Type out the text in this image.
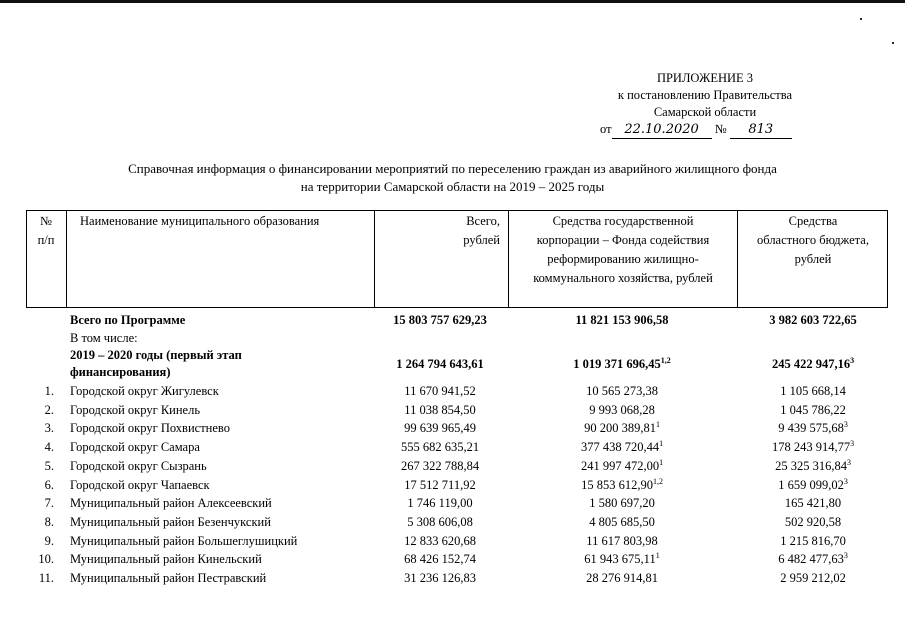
ПРИЛОЖЕНИЕ 3
к постановлению Правительства
Самарской области
от 22.10.2020 № 813
Справочная информация о финансировании мероприятий по переселению граждан из аварийного жилищного фонда
на территории Самарской области на 2019 – 2025 годы
№
п/п
Наименование муниципального образования	Всего,
рублей
Средства государственной
корпорации – Фонда содействия
реформированию жилищно-
коммунального хозяйства, рублей
Средства
областного бюджета,
рублей
Всего по Программе	15 803 757 629,23	11 821 153 906,58	3 982 603 722,65
В том числе:
2019 – 2020 годы (первый этап
финансирования)
1 264 794 643,61	1 019 371 696,45$^{1,2}$	245 422 947,16$^3$
1. Городской округ Жигулевск	11 670 941,52	10 565 273,38	1 105 668,14
2. Городской округ Кинель	11 038 854,50	9 993 068,28	1 045 786,22
3. Городской округ Похвистнево	99 639 965,49	90 200 389,81$^1$	9 439 575,68$^3$
4. Городской округ Самара	555 682 635,21	377 438 720,44$^1$	178 243 914,77$^3$
5. Городской округ Сызрань	267 322 788,84	241 997 472,00$^1$	25 325 316,84$^3$
6. Городской округ Чапаевск	17 512 711,92	15 853 612,90$^{1,2}$	1 659 099,02$^3$
7. Муниципальный район Алексеевский	1 746 119,00	1 580 697,20	165 421,80
8. Муниципальный район Безенчукский	5 308 606,08	4 805 685,50	502 920,58
9. Муниципальный район Большеглушицкий	12 833 620,68	11 617 803,98	1 215 816,70
10. Муниципальный район Кинельский	68 426 152,74	61 943 675,11$^1$	6 482 477,63$^3$
11. Муниципальный район Пестравский	31 236 126,83	28 276 914,81	2 959 212,02
